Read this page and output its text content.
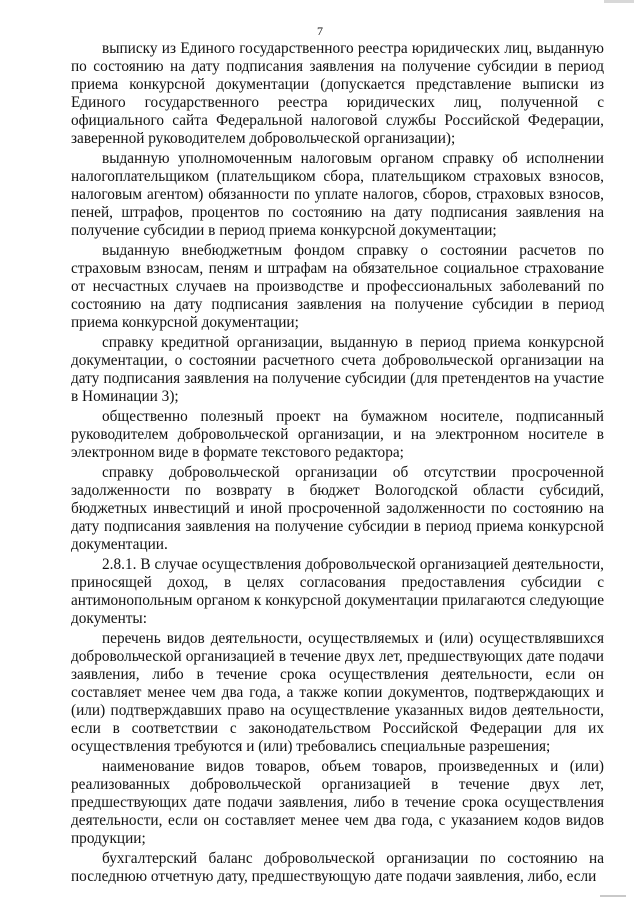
7

выписку из Единого государственного реестра юридических лиц, выданную по состоянию на дату подписания заявления на получение субсидии в период приема конкурсной документации (допускается представление выписки из Единого государственного реестра юридических лиц, полученной с официального сайта Федеральной налоговой службы Российской Федерации, заверенной руководителем добровольческой организации);

выданную уполномоченным налоговым органом справку об исполнении налогоплательщиком (плательщиком сбора, плательщиком страховых взносов, налоговым агентом) обязанности по уплате налогов, сборов, страховых взносов, пеней, штрафов, процентов по состоянию на дату подписания заявления на получение субсидии в период приема конкурсной документации;

выданную внебюджетным фондом справку о состоянии расчетов по страховым взносам, пеням и штрафам на обязательное социальное страхование от несчастных случаев на производстве и профессиональных заболеваний по состоянию на дату подписания заявления на получение субсидии в период приема конкурсной документации;

справку кредитной организации, выданную в период приема конкурсной документации, о состоянии расчетного счета добровольческой организации на дату подписания заявления на получение субсидии (для претендентов на участие в Номинации 3);

общественно полезный проект на бумажном носителе, подписанный руководителем добровольческой организации, и на электронном носителе в электронном виде в формате текстового редактора;

справку добровольческой организации об отсутствии просроченной задолженности по возврату в бюджет Вологодской области субсидий, бюджетных инвестиций и иной просроченной задолженности по состоянию на дату подписания заявления на получение субсидии в период приема конкурсной документации.

2.8.1. В случае осуществления добровольческой организацией деятельности, приносящей доход, в целях согласования предоставления субсидии с антимонопольным органом к конкурсной документации прилагаются следующие документы:

перечень видов деятельности, осуществляемых и (или) осуществлявшихся добровольческой организацией в течение двух лет, предшествующих дате подачи заявления, либо в течение срока осуществления деятельности, если он составляет менее чем два года, а также копии документов, подтверждающих и (или) подтверждавших право на осуществление указанных видов деятельности, если в соответствии с законодательством Российской Федерации для их осуществления требуются и (или) требовались специальные разрешения;

наименование видов товаров, объем товаров, произведенных и (или) реализованных добровольческой организацией в течение двух лет, предшествующих дате подачи заявления, либо в течение срока осуществления деятельности, если он составляет менее чем два года, с указанием кодов видов продукции;

бухгалтерский баланс добровольческой организации по состоянию на последнюю отчетную дату, предшествующую дате подачи заявления, либо, если
